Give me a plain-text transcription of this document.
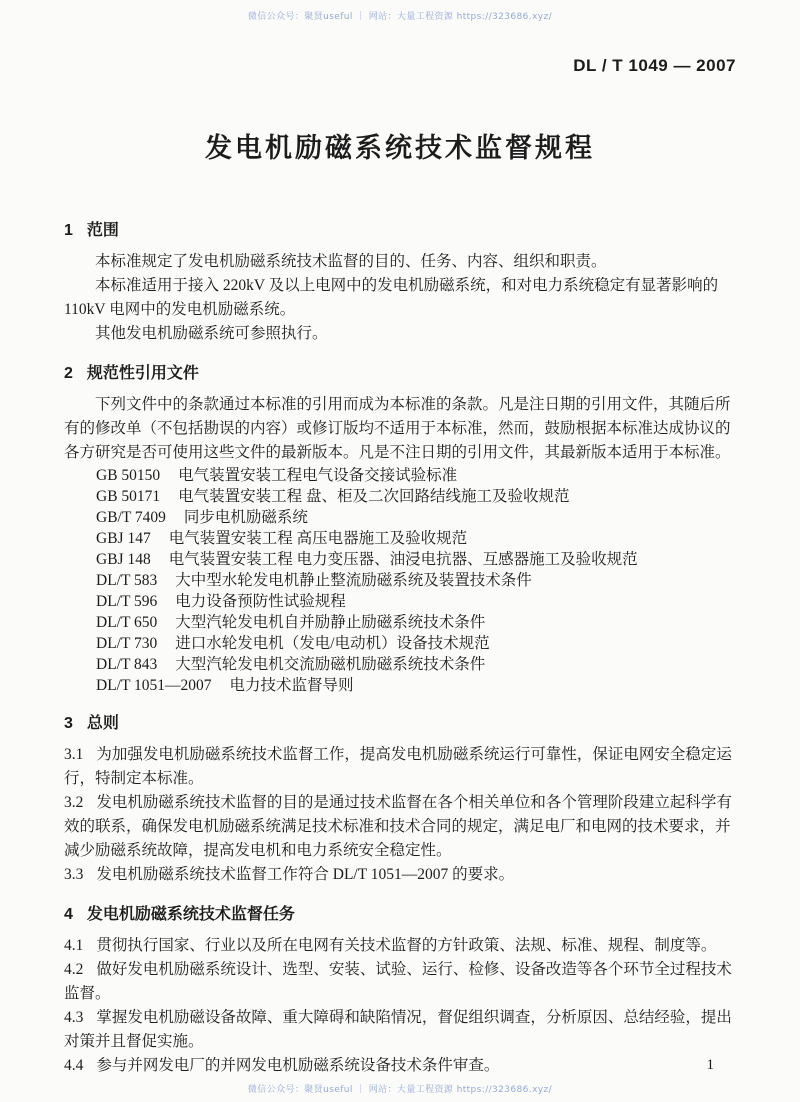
微信公众号：聚贤useful ｜ 网站：大量工程资源 https://323686.xyz/
DL / T 1049 — 2007
发电机励磁系统技术监督规程
1 范围

本标准规定了发电机励磁系统技术监督的目的、任务、内容、组织和职责。

本标准适用于接入 220kV 及以上电网中的发电机励磁系统，和对电力系统稳定有显著影响的 110kV 电网中的发电机励磁系统。

其他发电机励磁系统可参照执行。

2 规范性引用文件

下列文件中的条款通过本标准的引用而成为本标准的条款。凡是注日期的引用文件，其随后所有的修改单（不包括勘误的内容）或修订版均不适用于本标准，然而，鼓励根据本标准达成协议的各方研究是否可使用这些文件的最新版本。凡是不注日期的引用文件，其最新版本适用于本标准。

GB 50150 电气装置安装工程电气设备交接试验标准
GB 50171 电气装置安装工程 盘、柜及二次回路结线施工及验收规范
GB/T 7409 同步电机励磁系统
GBJ 147 电气装置安装工程 高压电器施工及验收规范
GBJ 148 电气装置安装工程 电力变压器、油浸电抗器、互感器施工及验收规范
DL/T 583 大中型水轮发电机静止整流励磁系统及装置技术条件
DL/T 596 电力设备预防性试验规程
DL/T 650 大型汽轮发电机自并励静止励磁系统技术条件
DL/T 730 进口水轮发电机（发电/电动机）设备技术规范
DL/T 843 大型汽轮发电机交流励磁机励磁系统技术条件
DL/T 1051—2007 电力技术监督导则
3 总则

3.1 为加强发电机励磁系统技术监督工作，提高发电机励磁系统运行可靠性，保证电网安全稳定运行，特制定本标准。

3.2 发电机励磁系统技术监督的目的是通过技术监督在各个相关单位和各个管理阶段建立起科学有效的联系，确保发电机励磁系统满足技术标准和技术合同的规定，满足电厂和电网的技术要求，并减少励磁系统故障，提高发电机和电力系统安全稳定性。

3.3 发电机励磁系统技术监督工作符合 DL/T 1051—2007 的要求。

4 发电机励磁系统技术监督任务

4.1 贯彻执行国家、行业以及所在电网有关技术监督的方针政策、法规、标准、规程、制度等。

4.2 做好发电机励磁系统设计、选型、安装、试验、运行、检修、设备改造等各个环节全过程技术监督。

4.3 掌握发电机励磁设备故障、重大障碍和缺陷情况，督促组织调查，分析原因、总结经验，提出对策并且督促实施。

4.4 参与并网发电厂的并网发电机励磁系统设备技术条件审查。	1
微信公众号：聚贤useful ｜ 网站：大量工程资源 https://323686.xyz/
